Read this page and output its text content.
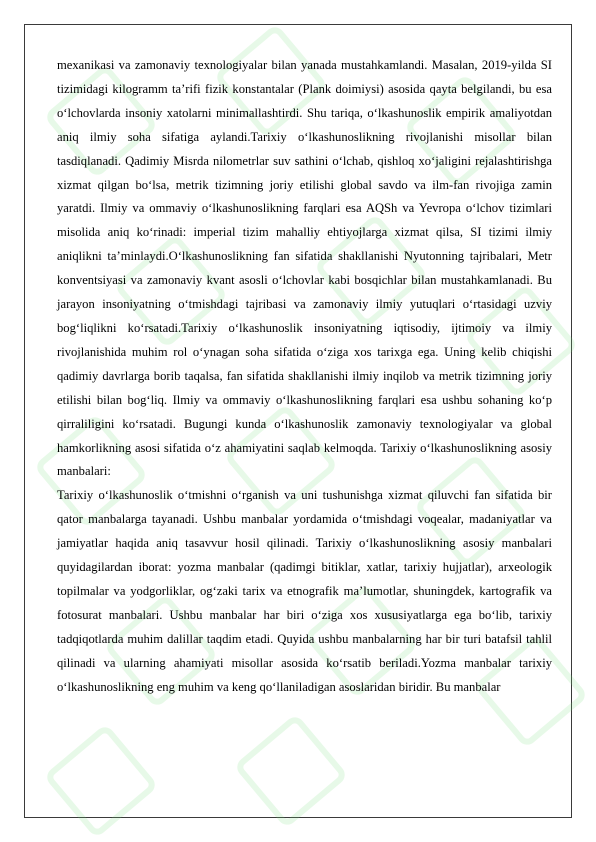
mexanikasi va zamonaviy texnologiyalar bilan yanada mustahkamlandi. Masalan, 2019-yilda SI tizimidagi kilogramm ta’rifi fizik konstantalar (Plank doimiysi) asosida qayta belgilandi, bu esa o‘lchovlarda insoniy xatolarni minimallashtirdi. Shu tariqa, o‘lkashunoslik empirik amaliyotdan aniq ilmiy soha sifatiga aylandi.Tarixiy o‘lkashunoslikning rivojlanishi misollar bilan tasdiqlanadi. Qadimiy Misrda nilometrlar suv sathini o‘lchab, qishloq xo‘jaligini rejalashtirishga xizmat qilgan bo‘lsa, metrik tizimning joriy etilishi global savdo va ilm-fan rivojiga zamin yaratdi. Ilmiy va ommaviy o‘lkashunoslikning farqlari esa AQSh va Yevropa o‘lchov tizimlari misolida aniq ko‘rinadi: imperial tizim mahalliy ehtiyojlarga xizmat qilsa, SI tizimi ilmiy aniqlikni ta’minlaydi.O‘lkashunoslikning fan sifatida shakllanishi Nyutonning tajribalari, Metr konventsiyasi va zamonaviy kvant asosli o‘lchovlar kabi bosqichlar bilan mustahkamlanadi. Bu jarayon insoniyatning o‘tmishdagi tajribasi va zamonaviy ilmiy yutuqlari o‘rtasidagi uzviy bog‘liqlikni ko‘rsatadi.Tarixiy o‘lkashunoslik insoniyatning iqtisodiy, ijtimoiy va ilmiy rivojlanishida muhim rol o‘ynagan soha sifatida o‘ziga xos tarixga ega. Uning kelib chiqishi qadimiy davrlarga borib taqalsa, fan sifatida shakllanishi ilmiy inqilob va metrik tizimning joriy etilishi bilan bog‘liq. Ilmiy va ommaviy o‘lkashunoslikning farqlari esa ushbu sohaning ko‘p qirraliligini ko‘rsatadi. Bugungi kunda o‘lkashunoslik zamonaviy texnologiyalar va global hamkorlikning asosi sifatida o‘z ahamiyatini saqlab kelmoqda. Tarixiy o‘lkashunoslikning asosiy manbalari:

Tarixiy o‘lkashunoslik o‘tmishni o‘rganish va uni tushunishga xizmat qiluvchi fan sifatida bir qator manbalarga tayanadi. Ushbu manbalar yordamida o‘tmishdagi voqealar, madaniyatlar va jamiyatlar haqida aniq tasavvur hosil qilinadi. Tarixiy o‘lkashunoslikning asosiy manbalari quyidagilardan iborat: yozma manbalar (qadimgi bitiklar, xatlar, tarixiy hujjatlar), arxeologik topilmalar va yodgorliklar, og‘zaki tarix va etnografik ma’lumotlar, shuningdek, kartografik va fotosurat manbalari. Ushbu manbalar har biri o‘ziga xos xususiyatlarga ega bo‘lib, tarixiy tadqiqotlarda muhim dalillar taqdim etadi. Quyida ushbu manbalarning har bir turi batafsil tahlil qilinadi va ularning ahamiyati misollar asosida ko‘rsatib beriladi.Yozma manbalar tarixiy o‘lkashunoslikning eng muhim va keng qo‘llaniladigan asoslaridan biridir. Bu manbalar
